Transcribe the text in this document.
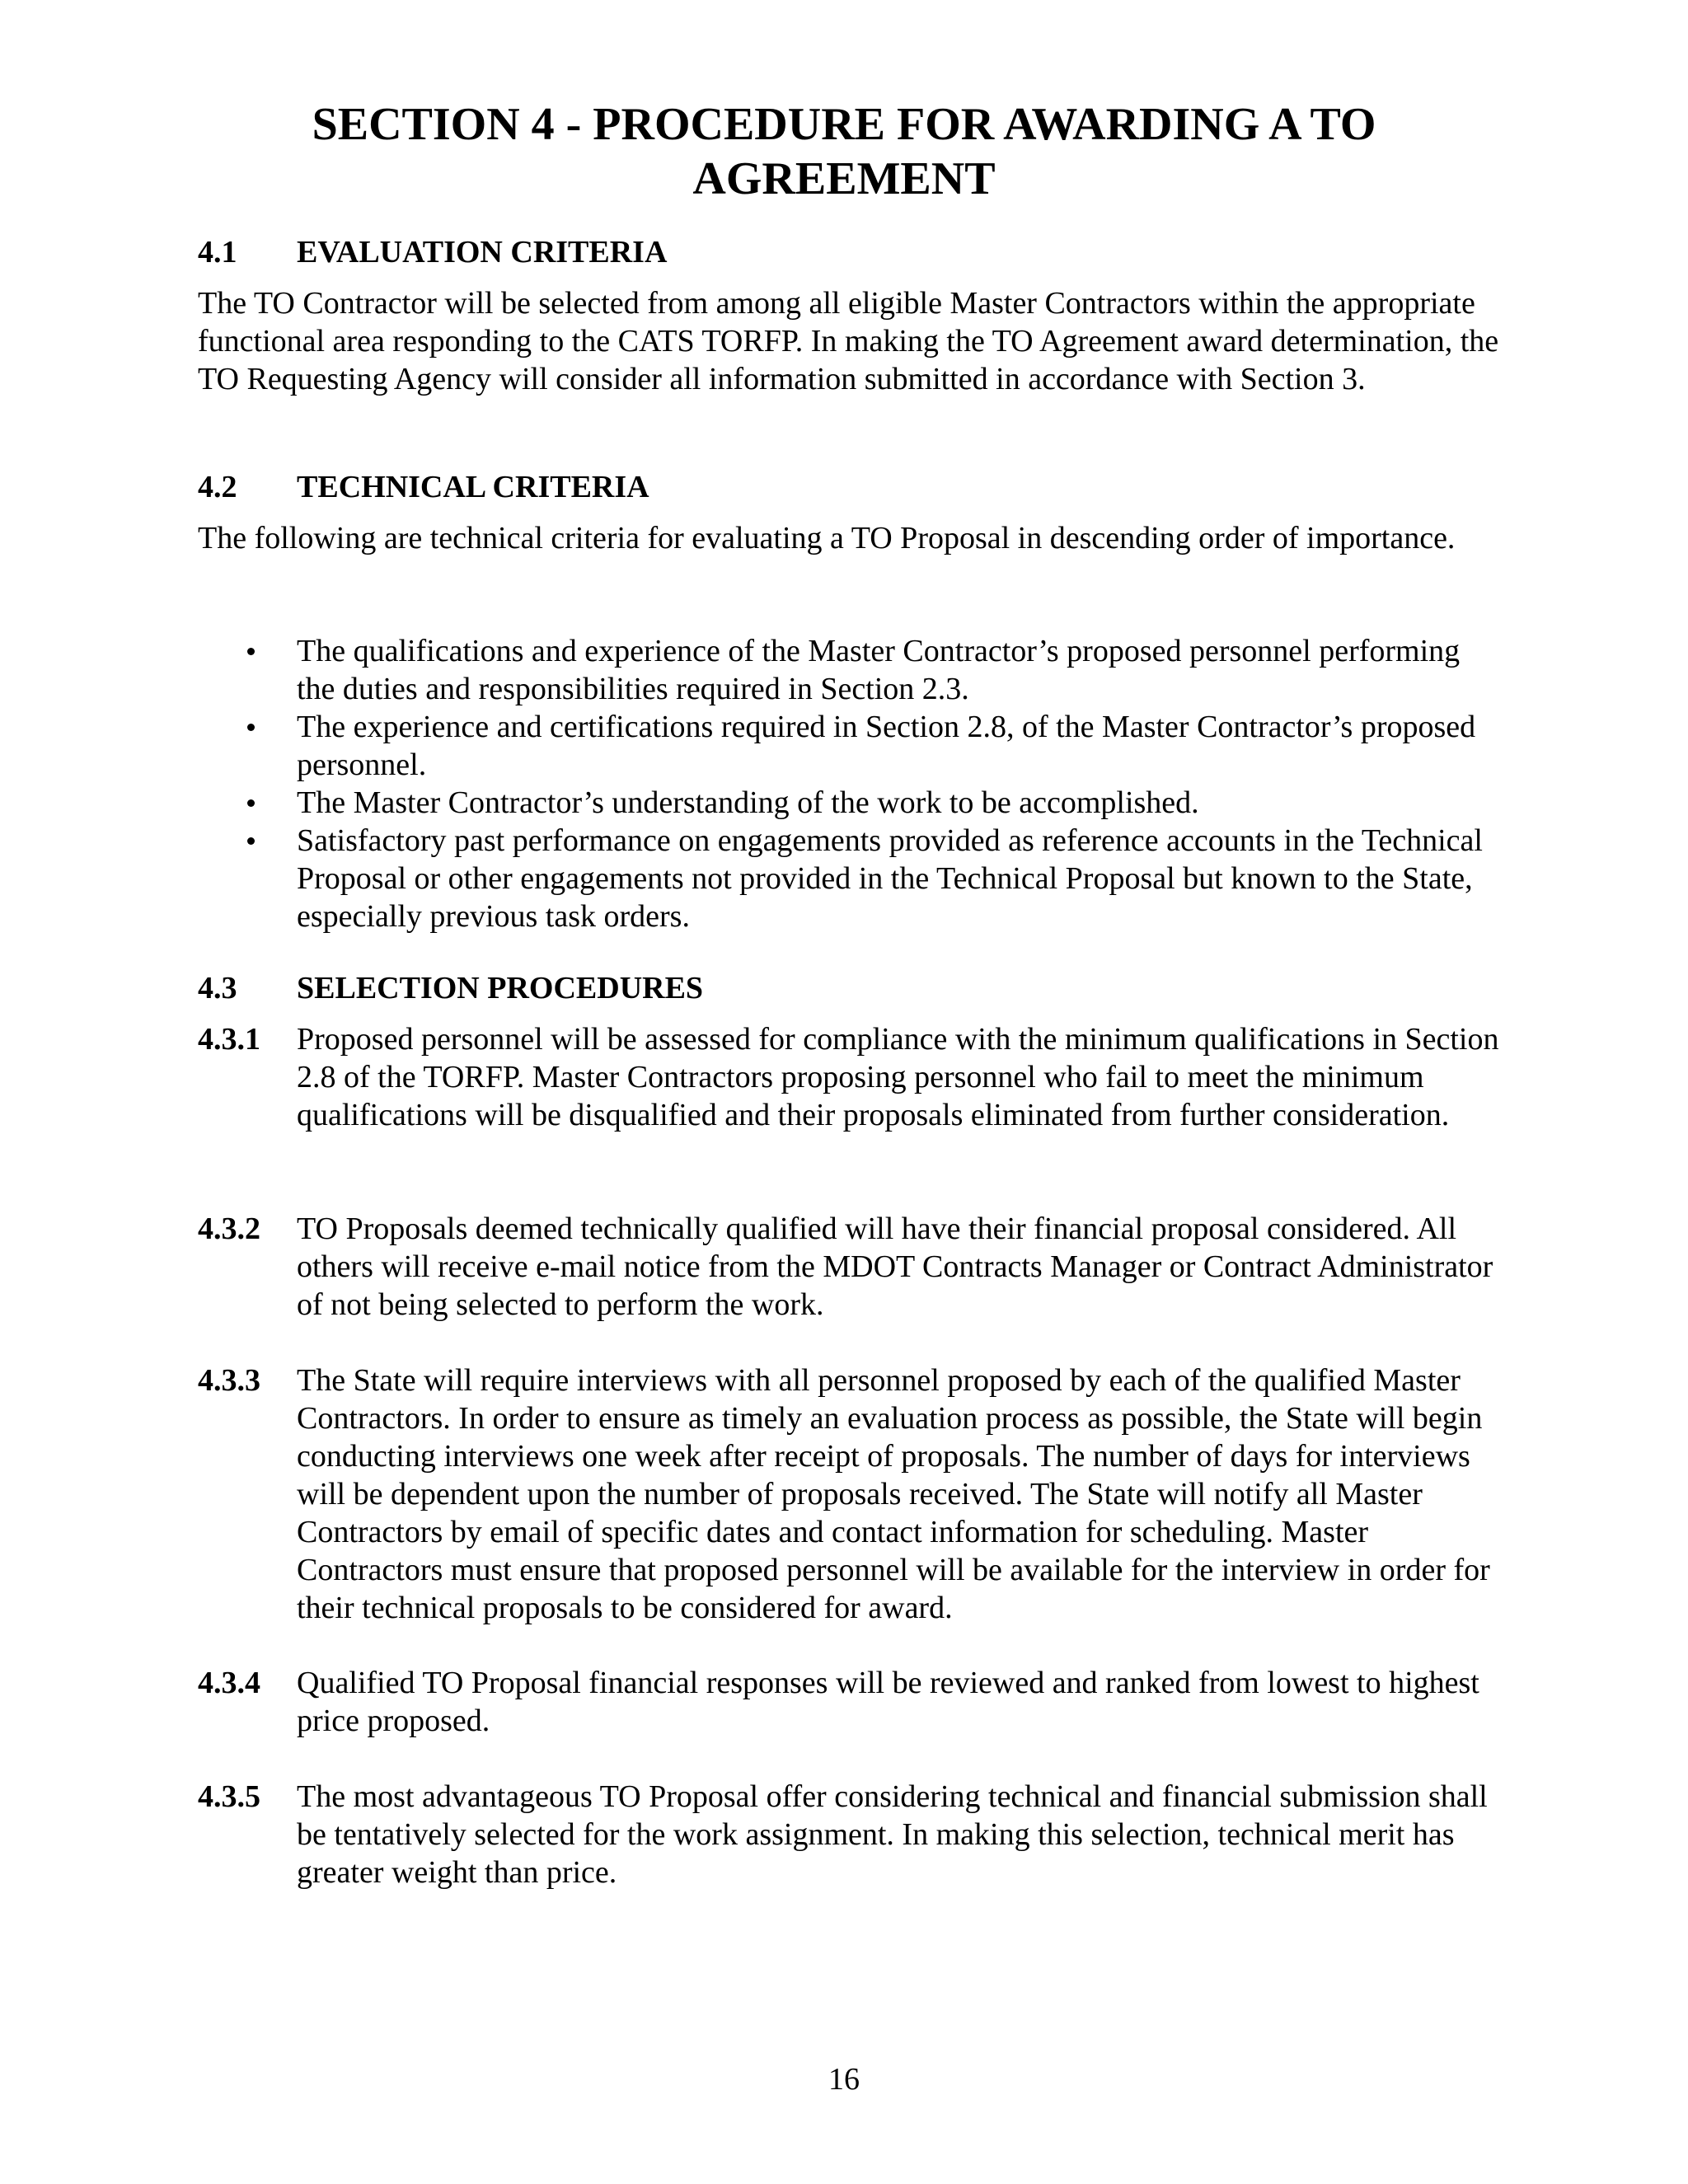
SECTION 4 - PROCEDURE FOR AWARDING A TO
AGREEMENT
4.1 EVALUATION CRITERIA
The TO Contractor will be selected from among all eligible Master Contractors within the appropriate functional area responding to the CATS TORFP. In making the TO Agreement award determination, the TO Requesting Agency will consider all information submitted in accordance with Section 3.
4.2 TECHNICAL CRITERIA
The following are technical criteria for evaluating a TO Proposal in descending order of importance.
The qualifications and experience of the Master Contractor’s proposed personnel performing the duties and responsibilities required in Section 2.3.
The experience and certifications required in Section 2.8, of the Master Contractor’s proposed personnel.
The Master Contractor’s understanding of the work to be accomplished.
Satisfactory past performance on engagements provided as reference accounts in the Technical Proposal or other engagements not provided in the Technical Proposal but known to the State, especially previous task orders.
4.3 SELECTION PROCEDURES
4.3.1	Proposed personnel will be assessed for compliance with the minimum qualifications in Section 2.8 of the TORFP. Master Contractors proposing personnel who fail to meet the minimum qualifications will be disqualified and their proposals eliminated from further consideration.
4.3.2	TO Proposals deemed technically qualified will have their financial proposal considered. All others will receive e-mail notice from the MDOT Contracts Manager or Contract Administrator of not being selected to perform the work.
4.3.3	The State will require interviews with all personnel proposed by each of the qualified Master Contractors. In order to ensure as timely an evaluation process as possible, the State will begin conducting interviews one week after receipt of proposals. The number of days for interviews will be dependent upon the number of proposals received. The State will notify all Master Contractors by email of specific dates and contact information for scheduling. Master Contractors must ensure that proposed personnel will be available for the interview in order for their technical proposals to be considered for award.
4.3.4	Qualified TO Proposal financial responses will be reviewed and ranked from lowest to highest price proposed.
4.3.5	The most advantageous TO Proposal offer considering technical and financial submission shall be tentatively selected for the work assignment. In making this selection, technical merit has greater weight than price.
16
